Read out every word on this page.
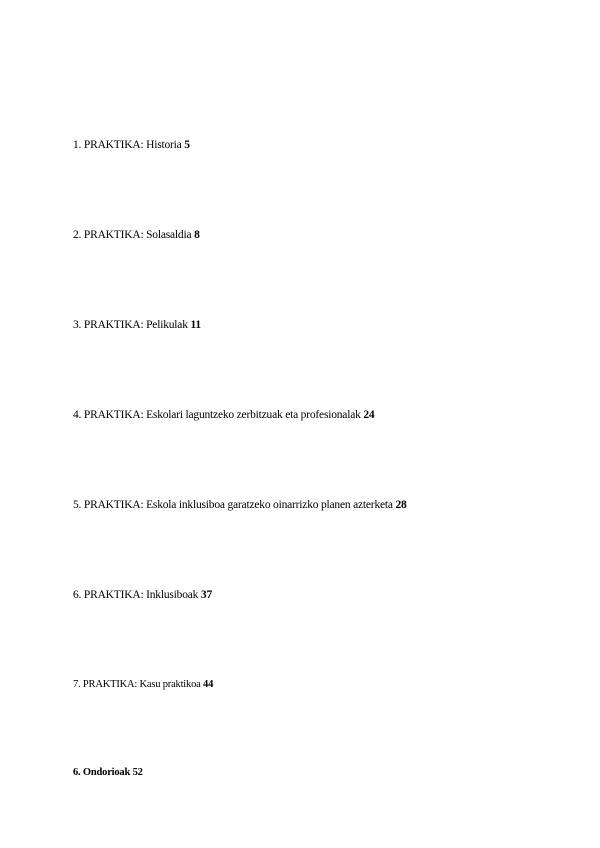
1. PRAKTIKA: Historia 5
2. PRAKTIKA: Solasaldia 8
3. PRAKTIKA: Pelikulak 11
4. PRAKTIKA: Eskolari laguntzeko zerbitzuak eta profesionalak 24
5. PRAKTIKA: Eskola inklusiboa garatzeko oinarrizko planen azterketa 28
6. PRAKTIKA: Inklusiboak 37
7. PRAKTIKA: Kasu praktikoa 44
6. Ondorioak 52
